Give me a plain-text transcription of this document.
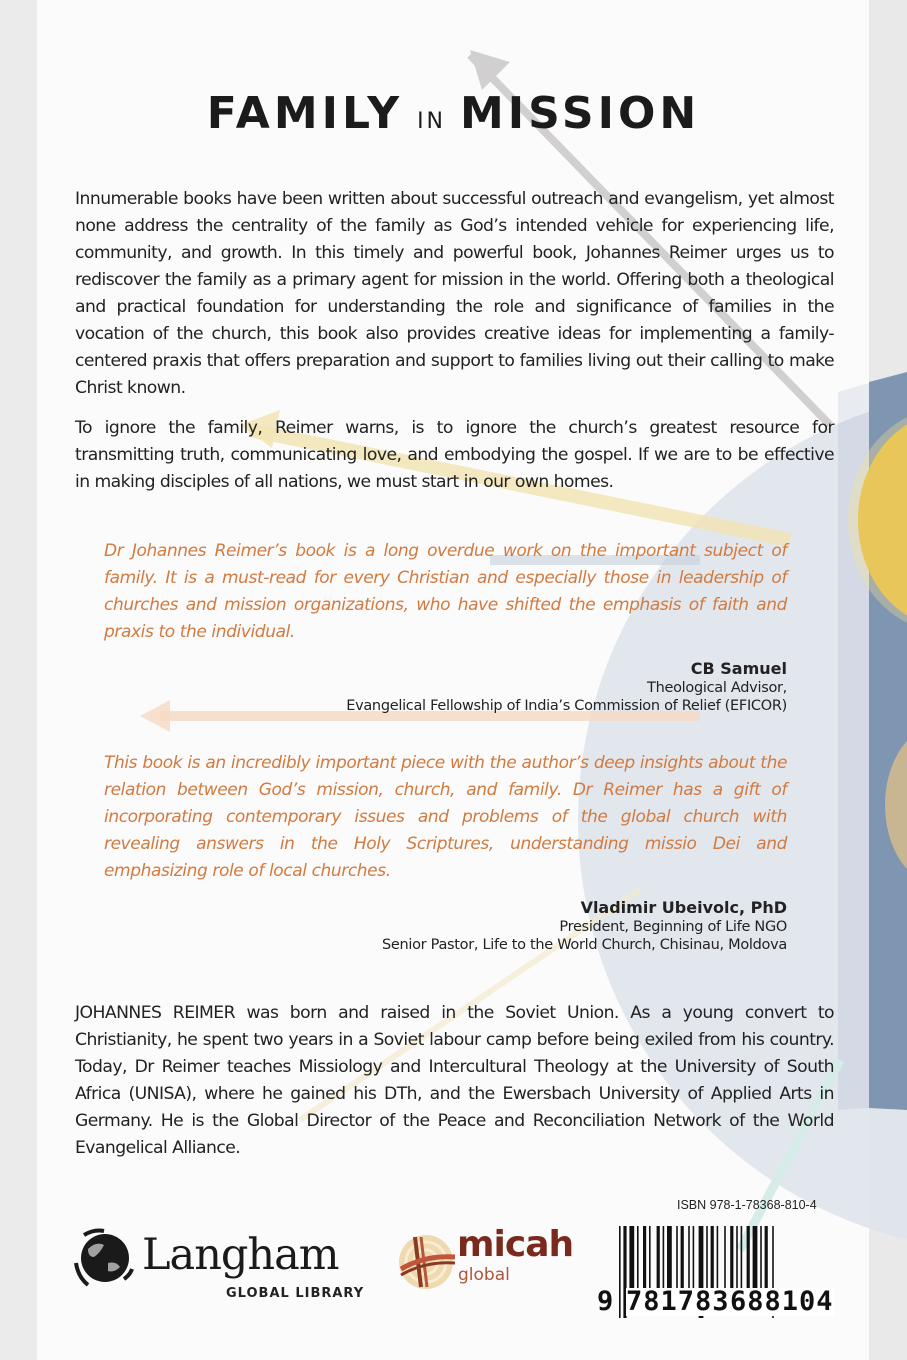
FAMILY IN MISSION
Innumerable books have been written about successful outreach and evangelism, yet almost none address the centrality of the family as God’s intended vehicle for experiencing life, community, and growth. In this timely and powerful book, Johannes Reimer urges us to rediscover the family as a primary agent for mission in the world. Offering both a theological and practical foundation for understanding the role and significance of families in the vocation of the church, this book also provides creative ideas for implementing a family-centered praxis that offers preparation and support to families living out their calling to make Christ known.
To ignore the family, Reimer warns, is to ignore the church’s greatest resource for transmitting truth, communicating love, and embodying the gospel. If we are to be effective in making disciples of all nations, we must start in our own homes.
Dr Johannes Reimer’s book is a long overdue work on the important subject of family. It is a must-read for every Christian and especially those in leadership of churches and mission organizations, who have shifted the emphasis of faith and praxis to the individual.
CB Samuel
Theological Advisor,
Evangelical Fellowship of India’s Commission of Relief (EFICOR)
This book is an incredibly important piece with the author’s deep insights about the relation between God’s mission, church, and family. Dr Reimer has a gift of incorporating contemporary issues and problems of the global church with revealing answers in the Holy Scriptures, understanding missio Dei and emphasizing role of local churches.
Vladimir Ubeivolc, PhD
President, Beginning of Life NGO
Senior Pastor, Life to the World Church, Chisinau, Moldova
JOHANNES REIMER was born and raised in the Soviet Union. As a young convert to Christianity, he spent two years in a Soviet labour camp before being exiled from his country. Today, Dr Reimer teaches Missiology and Intercultural Theology at the University of South Africa (UNISA), where he gained his DTh, and the Ewersbach University of Applied Arts in Germany. He is the Global Director of the Peace and Reconciliation Network of the World Evangelical Alliance.
Langham
GLOBAL LIBRARY
micah
global
ISBN 978-1-78368-810-4
9 781783 688104
